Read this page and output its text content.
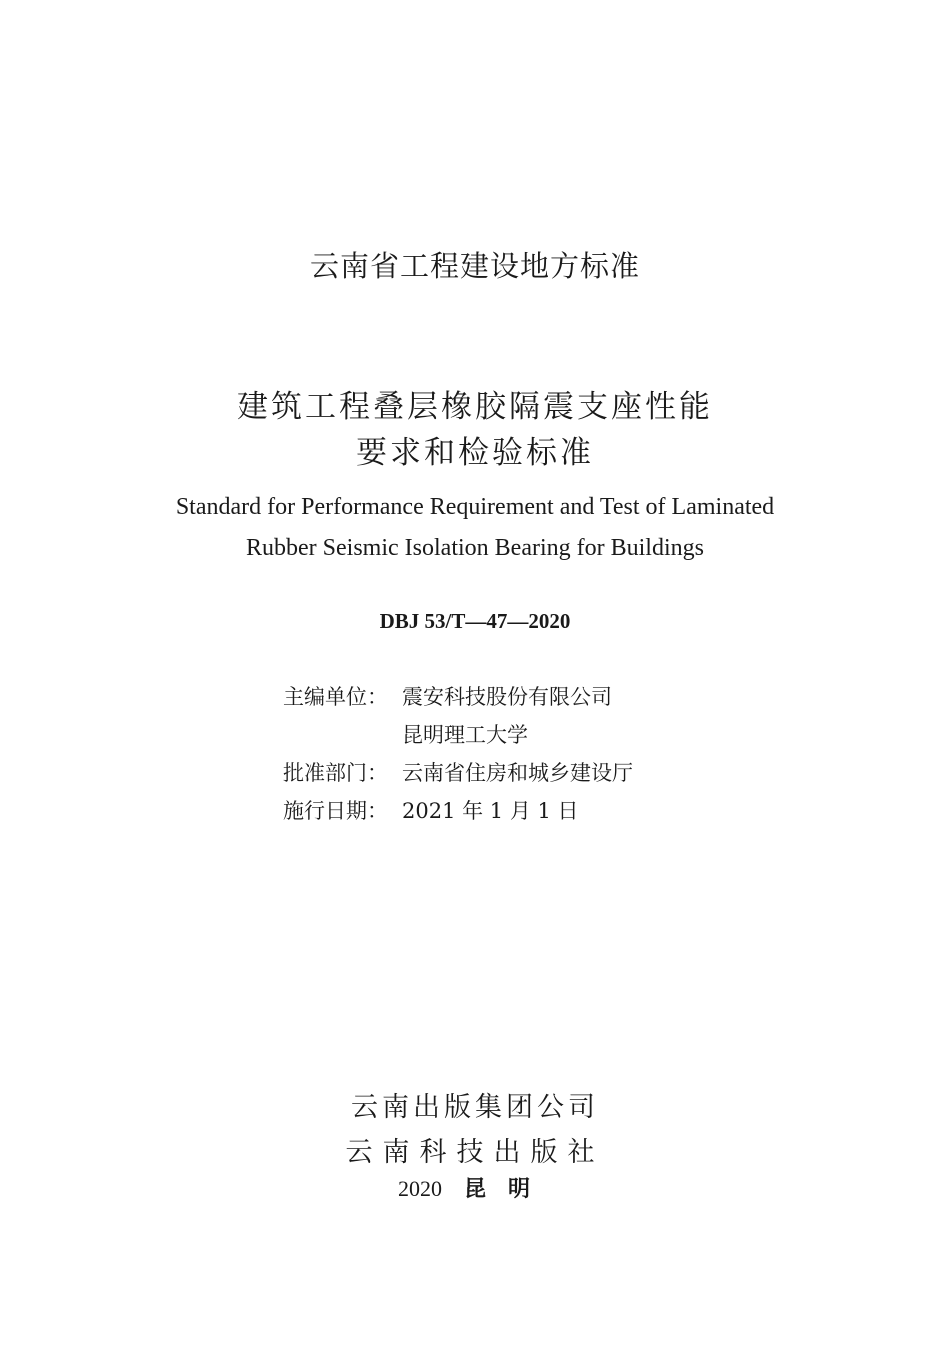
云南省工程建设地方标准
建筑工程叠层橡胶隔震支座性能
要求和检验标准
Standard for Performance Requirement and Test of Laminated
Rubber Seismic Isolation Bearing for Buildings
DBJ 53/T—47—2020
主编单位： 震安科技股份有限公司
昆明理工大学
批准部门： 云南省住房和城乡建设厅
施行日期： 2021 年 1 月 1 日
云南出版集团公司
云南科技出版社
2020 昆明
